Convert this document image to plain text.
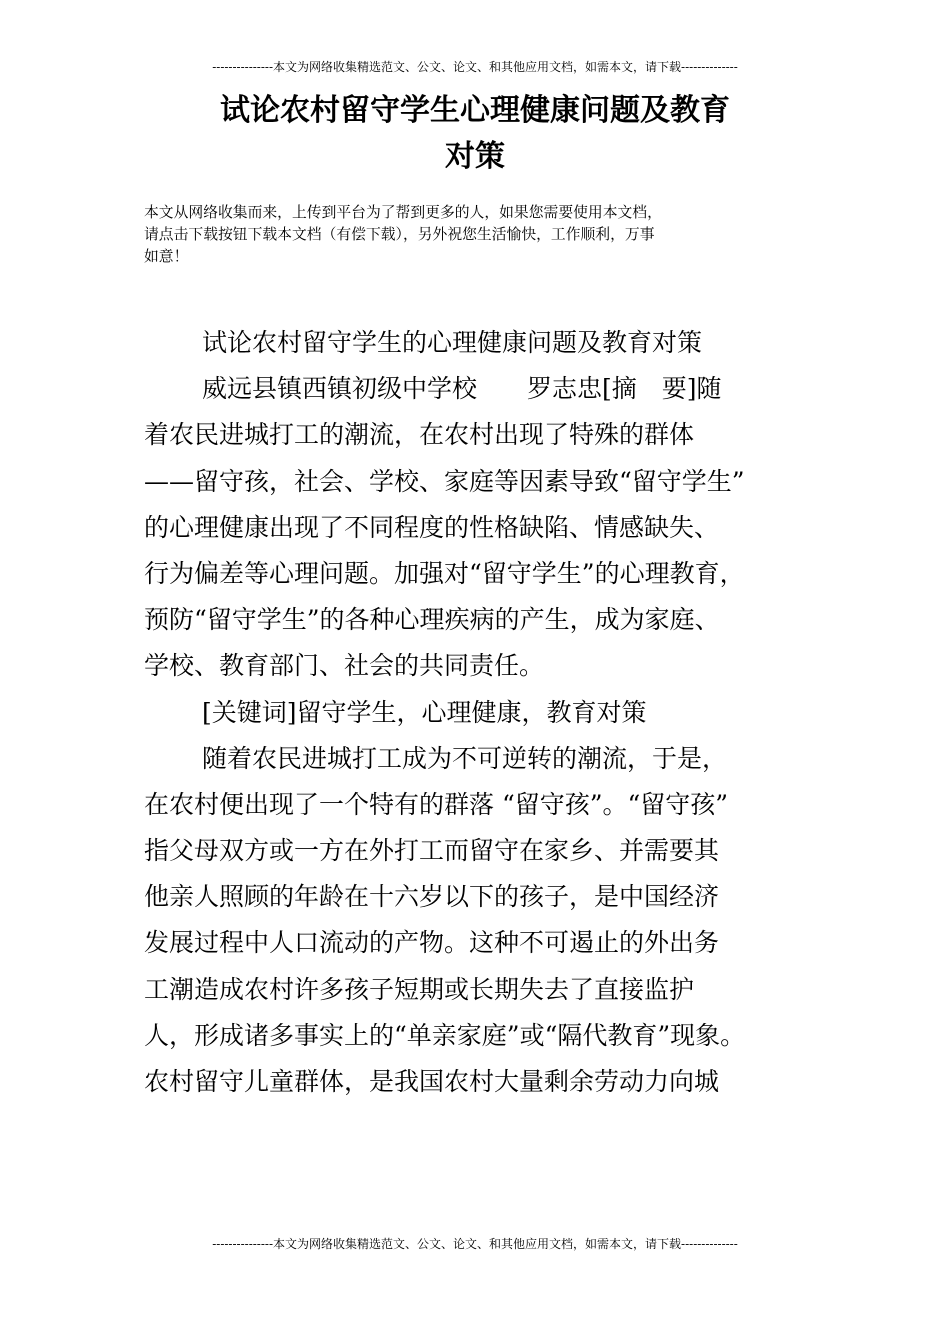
---------------本文为网络收集精选范文、公文、论文、和其他应用文档，如需本文，请下载--------------
试论农村留守学生心理健康问题及教育
对策
本文从网络收集而来，上传到平台为了帮到更多的人，如果您需要使用本文档，
请点击下载按钮下载本文档（有偿下载），另外祝您生活愉快，工作顺利，万事
如意！
试论农村留守学生的心理健康问题及教育对策
威远县镇西镇初级中学校　　罗志忠[摘　要]随
着农民进城打工的潮流，在农村出现了特殊的群体
——留守孩，社会、学校、家庭等因素导致“留守学生”
的心理健康出现了不同程度的性格缺陷、情感缺失、
行为偏差等心理问题。加强对“留守学生”的心理教育，
预防“留守学生”的各种心理疾病的产生，成为家庭、
学校、教育部门、社会的共同责任。
[关键词]留守学生，心理健康，教育对策
随着农民进城打工成为不可逆转的潮流，于是，
在农村便出现了一个特有的群落 “留守孩”。“留守孩”
指父母双方或一方在外打工而留守在家乡、并需要其
他亲人照顾的年龄在十六岁以下的孩子，是中国经济
发展过程中人口流动的产物。这种不可遏止的外出务
工潮造成农村许多孩子短期或长期失去了直接监护
人，形成诸多事实上的“单亲家庭”或“隔代教育”现象。
农村留守儿童群体，是我国农村大量剩余劳动力向城
---------------本文为网络收集精选范文、公文、论文、和其他应用文档，如需本文，请下载--------------
